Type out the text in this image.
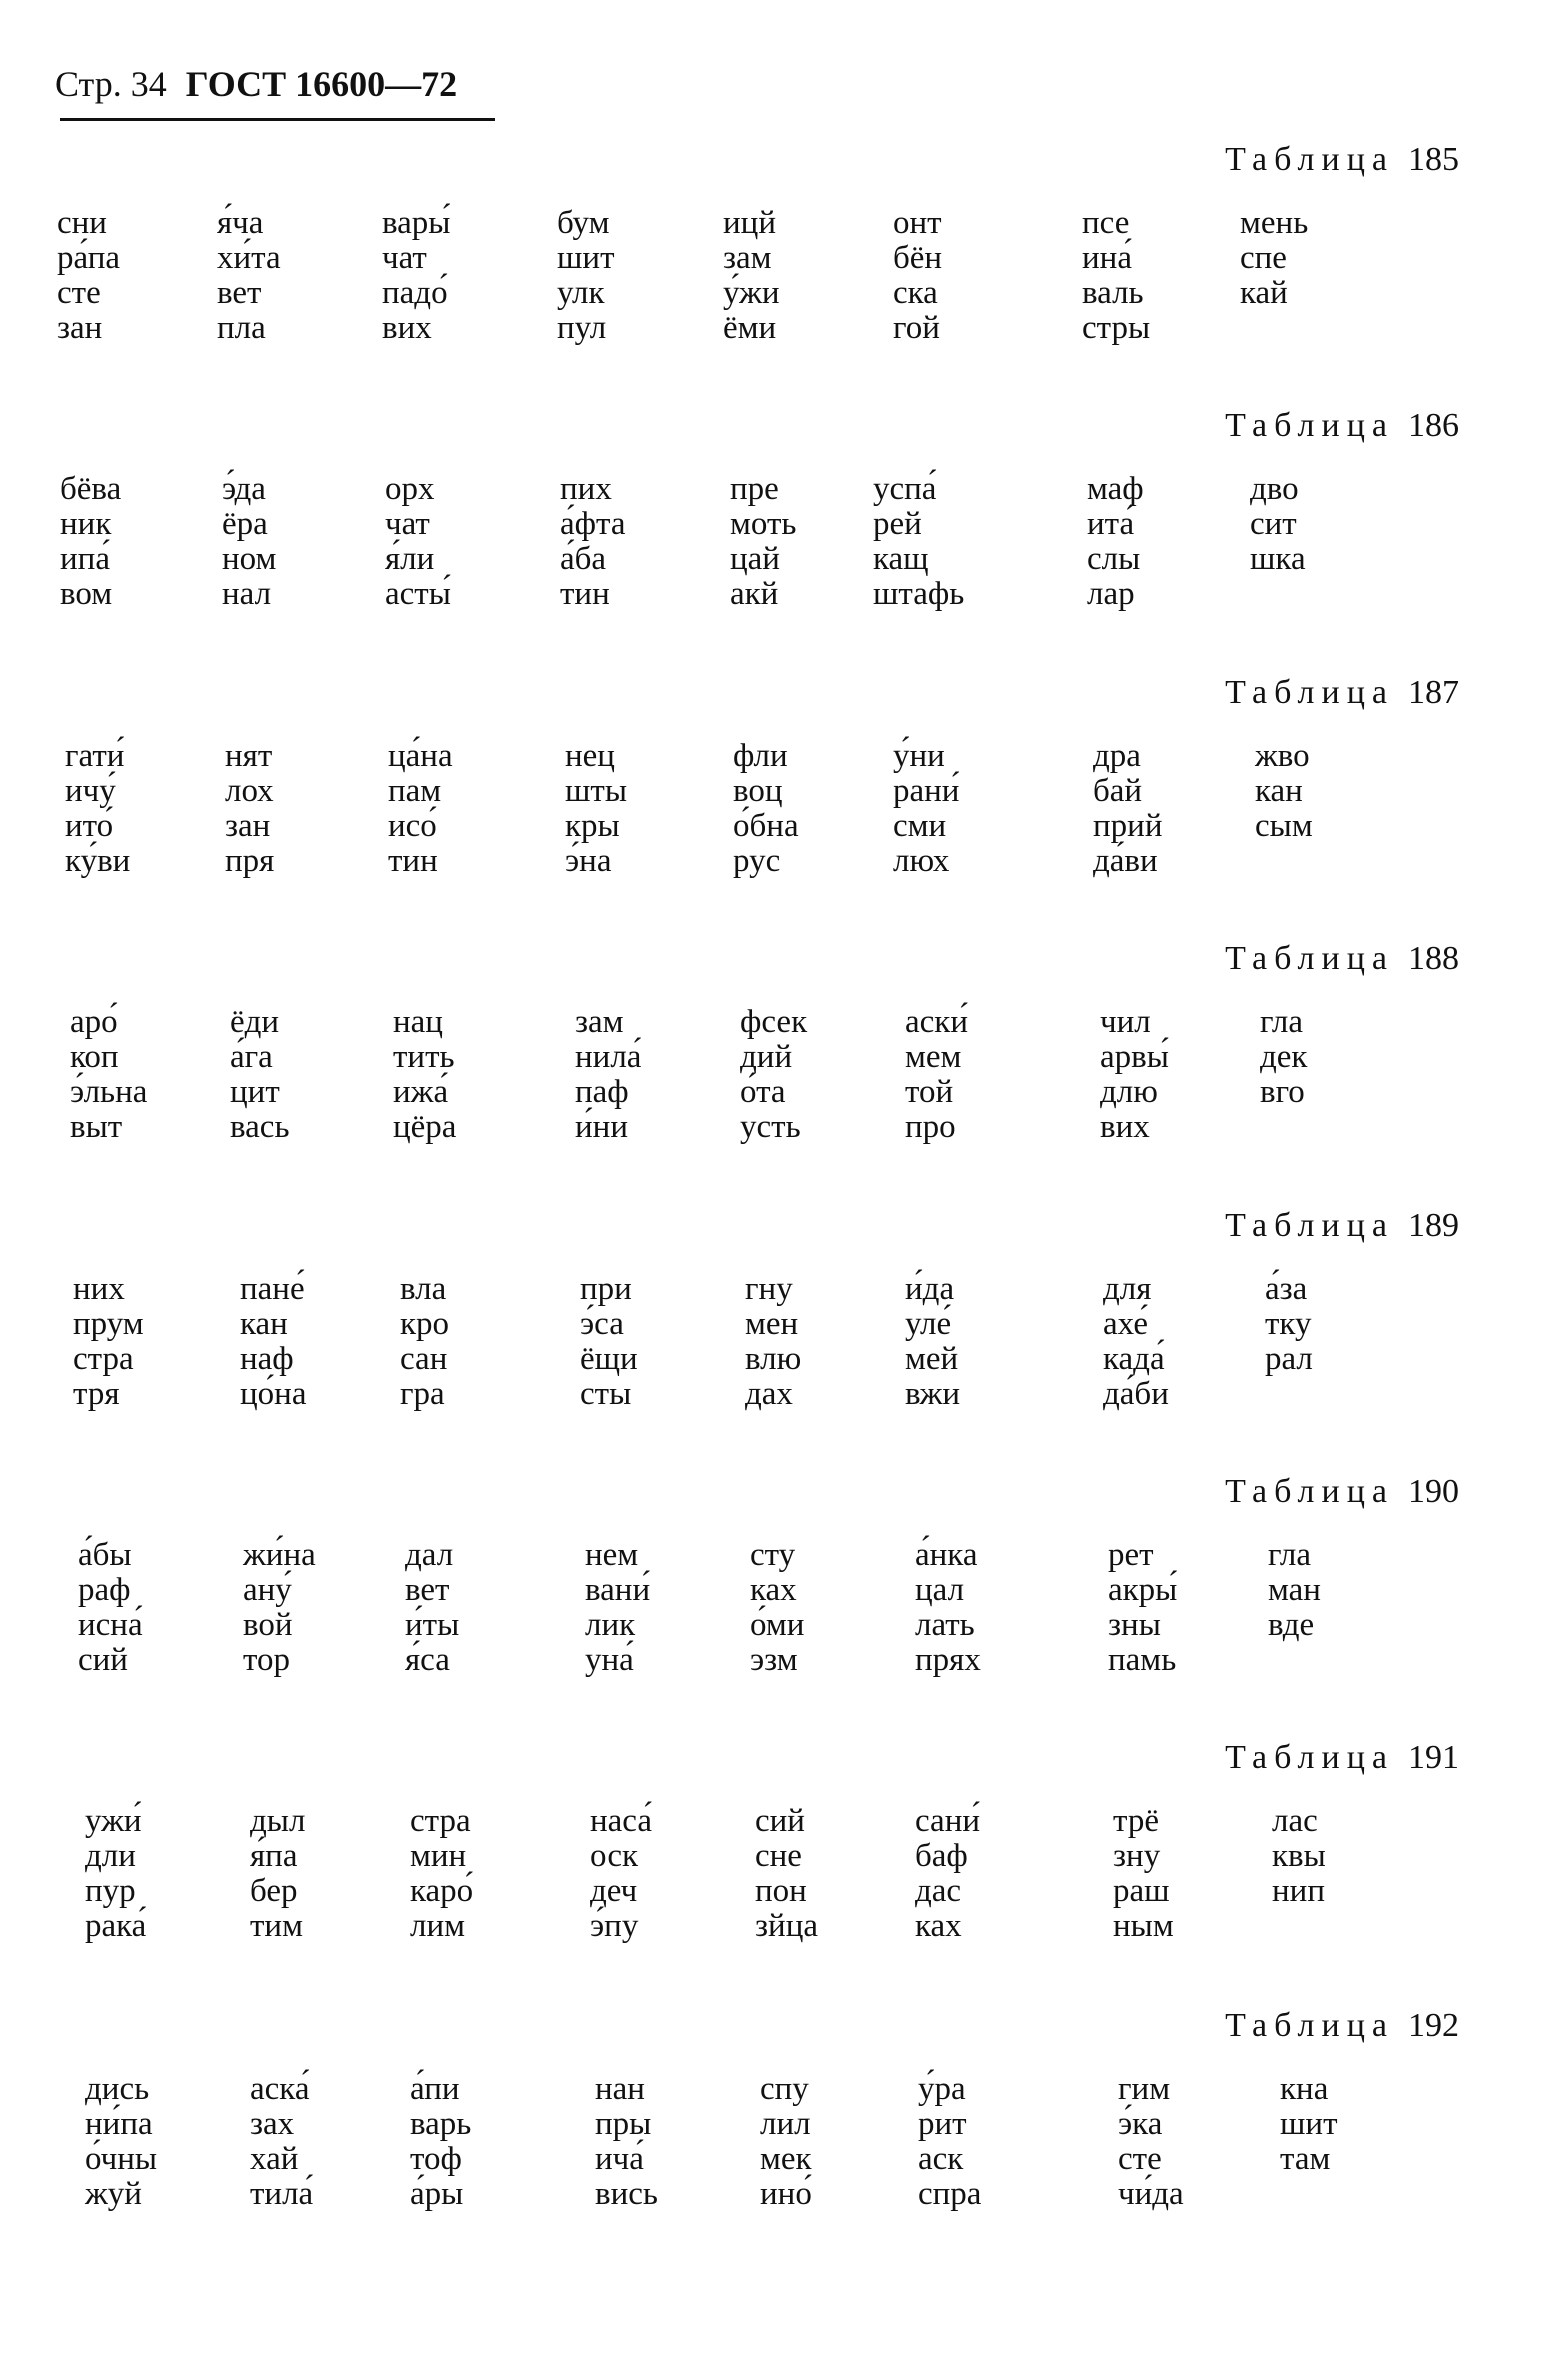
Стр. 34 ГОСТ 16600—72
Таблица 185
сни
ра́па
сте
зан
я́ча
хи́та
вет
пла
вары́
чат
падо́
вих
бум
шит
улк
пул
ицй
зам
у́жи
ёми
онт
бён
ска
гой
псе
ина́
валь
стры
мень
спе
кай
Таблица 186
бёва
ник
ипа́
вом
э́да
ёра
ном
нал
орх
чат
я́ли
асты́
пих
а́фта
а́ба
тин
пре
моть
цай
акй
успа́
рей
кащ
штафь
маф
ита́
слы
лар
дво
сит
шка
Таблица 187
гати́
ичу́
ито́
ку́ви
нят
лох
зан
пря
ца́на
пам
исо́
тин
нец
шты
кры
э́на
фли
воц
о́бна
рус
у́ни
рани́
сми
люх
дра
бай
прий
да́ви
жво
кан
сым
Таблица 188
аро́
коп
э́льна
выт
ёди
а́га
цит
вась
нац
тить
ижа́
цёра
зам
нила́
паф
и́ни
фсек
дий
о́та
усть
аски́
мем
той
про
чил
арвы́
длю
вих
гла
дек
вго
Таблица 189
них
прум
стра
тря
пане́
кан
наф
цо́на
вла
кро
сан
гра
при
э́са
ёщи
сты
гну
мен
влю
дах
и́да
уле́
мей
вжи
для
ахе́
када́
да́би
а́за
тку
рал
Таблица 190
а́бы
раф
исна́
сий
жи́на
ану́
вой
тор
дал
вет
и́ты
я́са
нем
вани́
лик
уна́
сту
ках
о́ми
эзм
а́нка
цал
лать
прях
рет
акры́
зны
памь
гла
ман
вде
Таблица 191
ужи́
дли
пур
рака́
дыл
я́па
бер
тим
стра
мин
каро́
лим
наса́
оск
деч
э́пу
сий
сне
пон
зйца
сани́
баф
дас
ках
трё
зну
раш
ным
лас
квы
нип
Таблица 192
дись
ни́па
о́чны
жуй
аска́
зах
хай
тила́
а́пи
варь
тоф
а́ры
нан
пры
ича́
вись
спу
лил
мек
ино́
у́ра
рит
аск
спра
гим
э́ка
сте
чи́да
кна
шит
там
